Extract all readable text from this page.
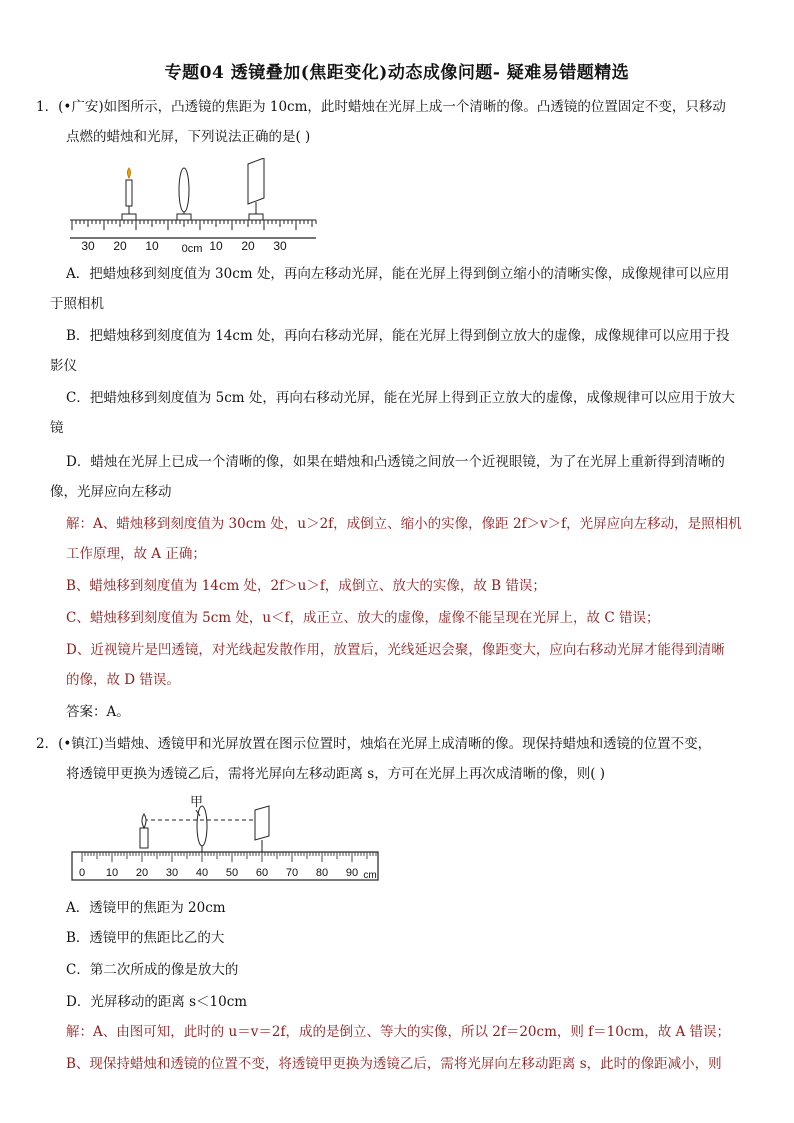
专题04 透镜叠加(焦距变化)动态成像问题- 疑难易错题精选
1．(•广安)如图所示，凸透镜的焦距为 10cm，此时蜡烛在光屏上成一个清晰的像。凸透镜的位置固定不变，只移动
点燃的蜡烛和光屏，下列说法正确的是( )
30 20 10 0cm 10 20 30
A．把蜡烛移到刻度值为 30cm 处，再向左移动光屏，能在光屏上得到倒立缩小的清晰实像，成像规律可以应用
于照相机
B．把蜡烛移到刻度值为 14cm 处，再向右移动光屏，能在光屏上得到倒立放大的虚像，成像规律可以应用于投
影仪
C．把蜡烛移到刻度值为 5cm 处，再向右移动光屏，能在光屏上得到正立放大的虚像，成像规律可以应用于放大
镜
D．蜡烛在光屏上已成一个清晰的像，如果在蜡烛和凸透镜之间放一个近视眼镜，为了在光屏上重新得到清晰的
像，光屏应向左移动
解：A、蜡烛移到刻度值为 30cm 处，u＞2f，成倒立、缩小的实像，像距 2f＞v＞f，光屏应向左移动，是照相机
工作原理，故 A 正确；
B、蜡烛移到刻度值为 14cm 处，2f＞u＞f，成倒立、放大的实像，故 B 错误；
C、蜡烛移到刻度值为 5cm 处，u＜f，成正立、放大的虚像，虚像不能呈现在光屏上，故 C 错误；
D、近视镜片是凹透镜，对光线起发散作用，放置后，光线延迟会聚，像距变大，应向右移动光屏才能得到清晰
的像，故 D 错误。
答案：A。
2．(•镇江)当蜡烛、透镜甲和光屏放置在图示位置时，烛焰在光屏上成清晰的像。现保持蜡烛和透镜的位置不变，
将透镜甲更换为透镜乙后，需将光屏向左移动距离 s，方可在光屏上再次成清晰的像，则( )
甲
0 10 20 30 40 50 60 70 80 90 cm
A．透镜甲的焦距为 20cm
B．透镜甲的焦距比乙的大
C．第二次所成的像是放大的
D．光屏移动的距离 s＜10cm
解：A、由图可知，此时的 u＝v＝2f，成的是倒立、等大的实像，所以 2f＝20cm，则 f＝10cm，故 A 错误；
B、现保持蜡烛和透镜的位置不变，将透镜甲更换为透镜乙后，需将光屏向左移动距离 s，此时的像距减小，则
